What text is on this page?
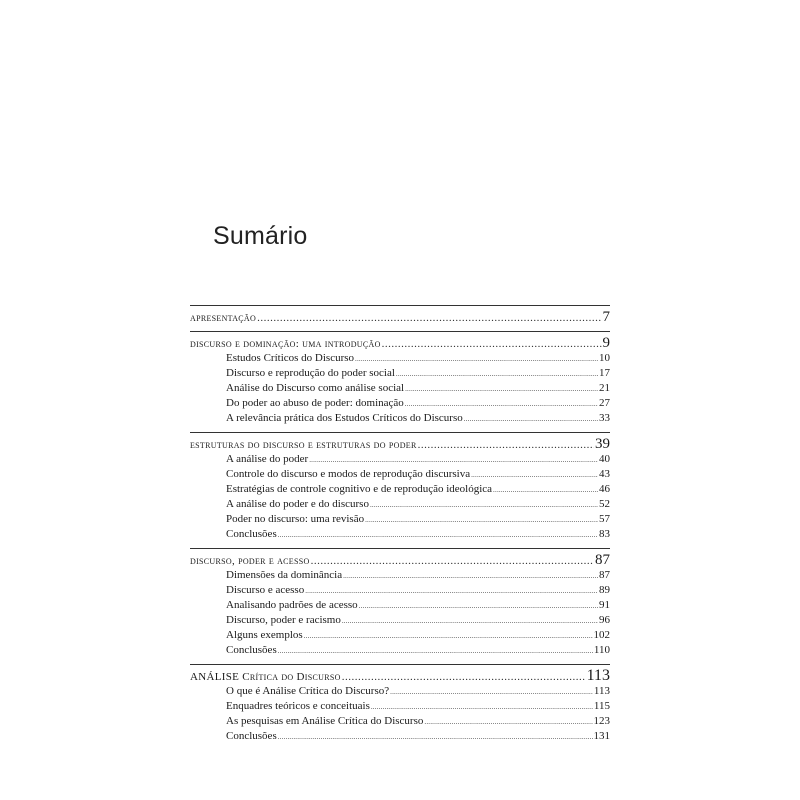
Sumário
apresentação .....	7
discurso e dominação: uma introdução .....	9
Estudos Críticos do Discurso .....	10
Discurso e reprodução do poder social .....	17
Análise do Discurso como análise social .....	21
Do poder ao abuso de poder: dominação .....	27
A relevância prática dos Estudos Críticos do Discurso .....	33
estruturas do discurso e estruturas do poder .....	39
A análise do poder .....	40
Controle do discurso e modos de reprodução discursiva .....	43
Estratégias de controle cognitivo e de reprodução ideológica .....	46
A análise do poder e do discurso .....	52
Poder no discurso: uma revisão .....	57
Conclusões .....	83
discurso, poder e acesso .....	87
Dimensões da dominância .....	87
Discurso e acesso .....	89
Analisando padrões de acesso .....	91
Discurso, poder e racismo .....	96
Alguns exemplos .....	102
Conclusões .....	110
ANÁLISE Crítica do Discurso .....	113
O que é Análise Crítica do Discurso? .....	113
Enquadres teóricos e conceituais .....	115
As pesquisas em Análise Crítica do Discurso .....	123
Conclusões .....	131
